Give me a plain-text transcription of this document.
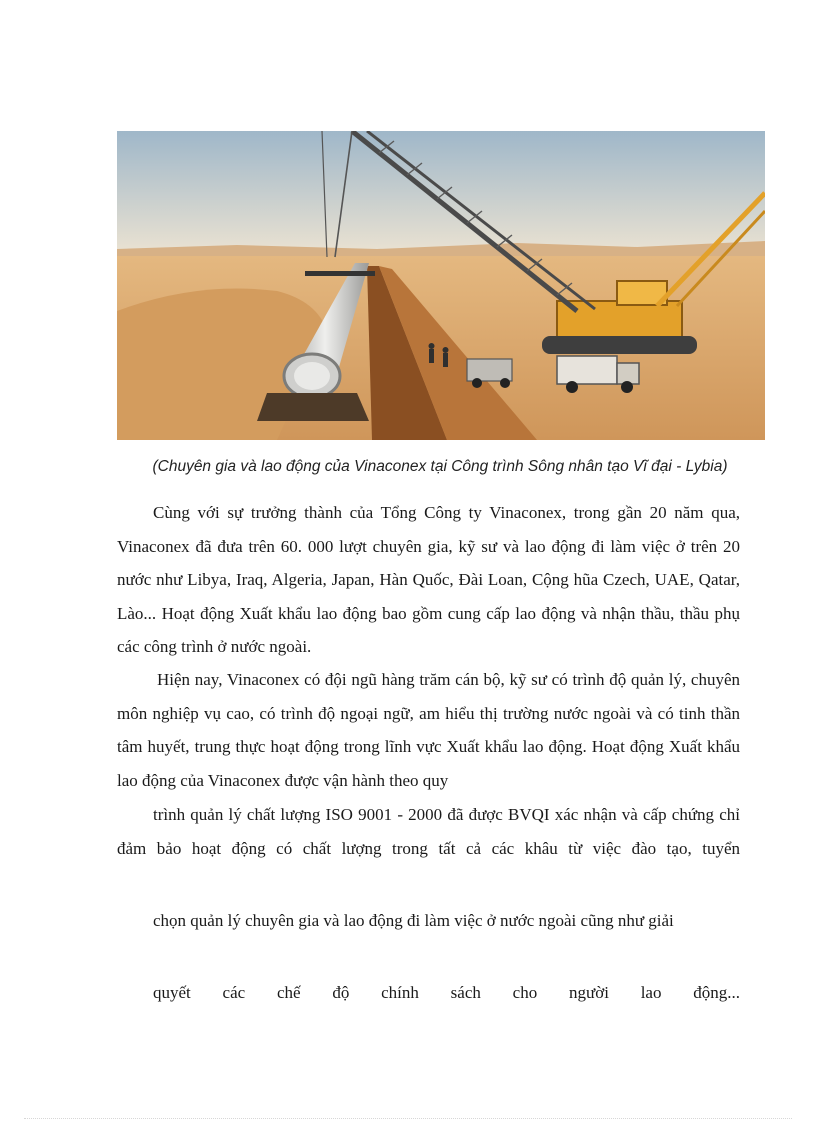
(Chuyên gia và lao động của Vinaconex tại Công trình Sông nhân tạo Vĩ đại - Lybia)

Cùng với sự trưởng thành của Tổng Công ty Vinaconex, trong gần 20 năm qua, Vinaconex đã đưa trên 60. 000 lượt chuyên gia, kỹ sư và lao động đi làm việc ở trên 20 nước như Libya, Iraq, Algeria, Japan, Hàn Quốc, Đài Loan, Cộng hũa Czech, UAE, Qatar, Lào... Hoạt động Xuất khẩu lao động bao gồm cung cấp lao động và nhận thầu, thầu phụ các công trình ở nước ngoài.

Hiện nay, Vinaconex có đội ngũ hàng trăm cán bộ, kỹ sư có trình độ quản lý, chuyên môn nghiệp vụ cao, có trình độ ngoại ngữ, am hiểu thị trường nước ngoài và có tinh thần tâm huyết, trung thực hoạt động trong lĩnh vực Xuất khẩu lao động. Hoạt động Xuất khẩu lao động của Vinaconex được vận hành theo quy

trình quản lý chất lượng ISO 9001 - 2000 đã được BVQI xác nhận và cấp chứng chỉ đảm bảo hoạt động có chất lượng trong tất cả các khâu từ việc đào tạo, tuyển

chọn quản lý chuyên gia và lao động đi làm việc ở nước ngoài cũng như giải

quyết các chế độ chính sách cho người lao động...
